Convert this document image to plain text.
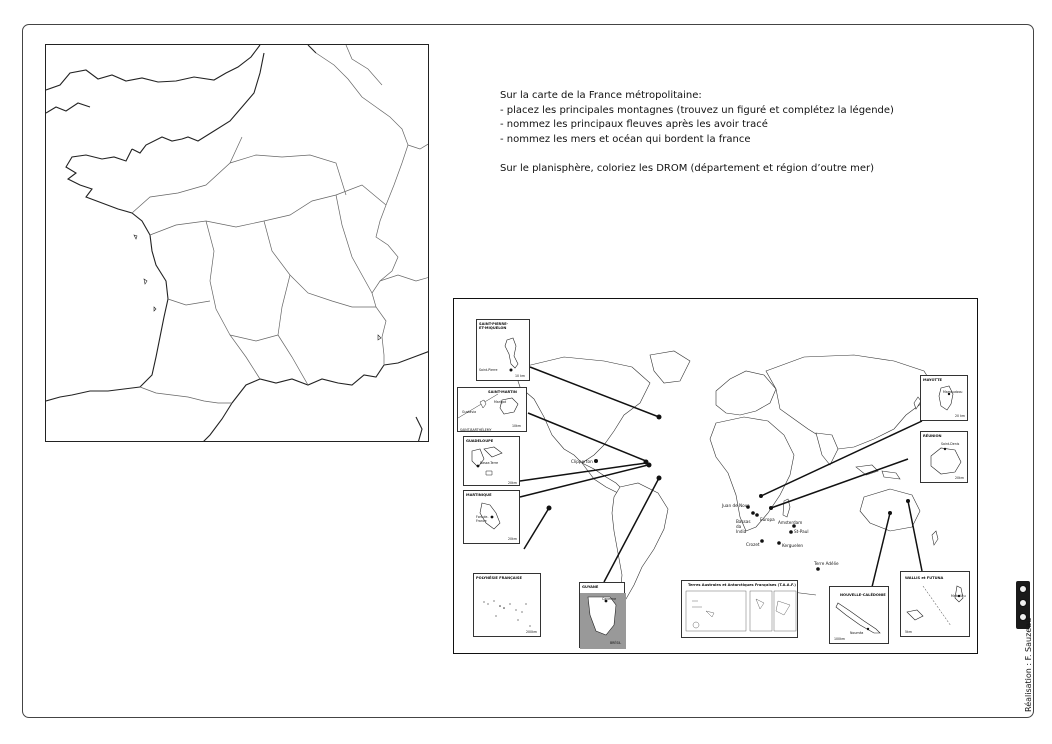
Sur la carte de la France métropolitaine:
- placez les principales montagnes (trouvez un figuré et complétez la légende)
- nommez les principaux fleuves après les avoir tracé
- nommez les mers et océan qui bordent la france
Sur le planisphère, coloriez les DROM (département et région d’outre mer)
Clipperton
Juan de Nova
Europa
Bassas da India
Amsterdam
St-Paul
Crozet	Kerguelen
Terre Adélie
SAINT-PIERRE-ET-MIQUELON
Saint-Pierre
10 km
SAINT-MARTIN
Marigot
Gustavia
SAINT-BARTHÉLEMY
10km
GUADELOUPE
Basse-Terre
20km
MARTINIQUE
Fort-de-France
20km
POLYNÉSIE FRANÇAISE
200km
GUYANE
Cayenne
BRÉSIL
Terres Australes et Antarctiques Françaises (T.A.A.F.)
NOUVELLE-CALÉDONIE
Nouméa
100km
WALLIS et FUTUNA
Mata-Utu
5km
MAYOTTE
Mamoudzou
20 km
RÉUNION
Saint-Denis
20km
Réalisation : F. Sauzeau
